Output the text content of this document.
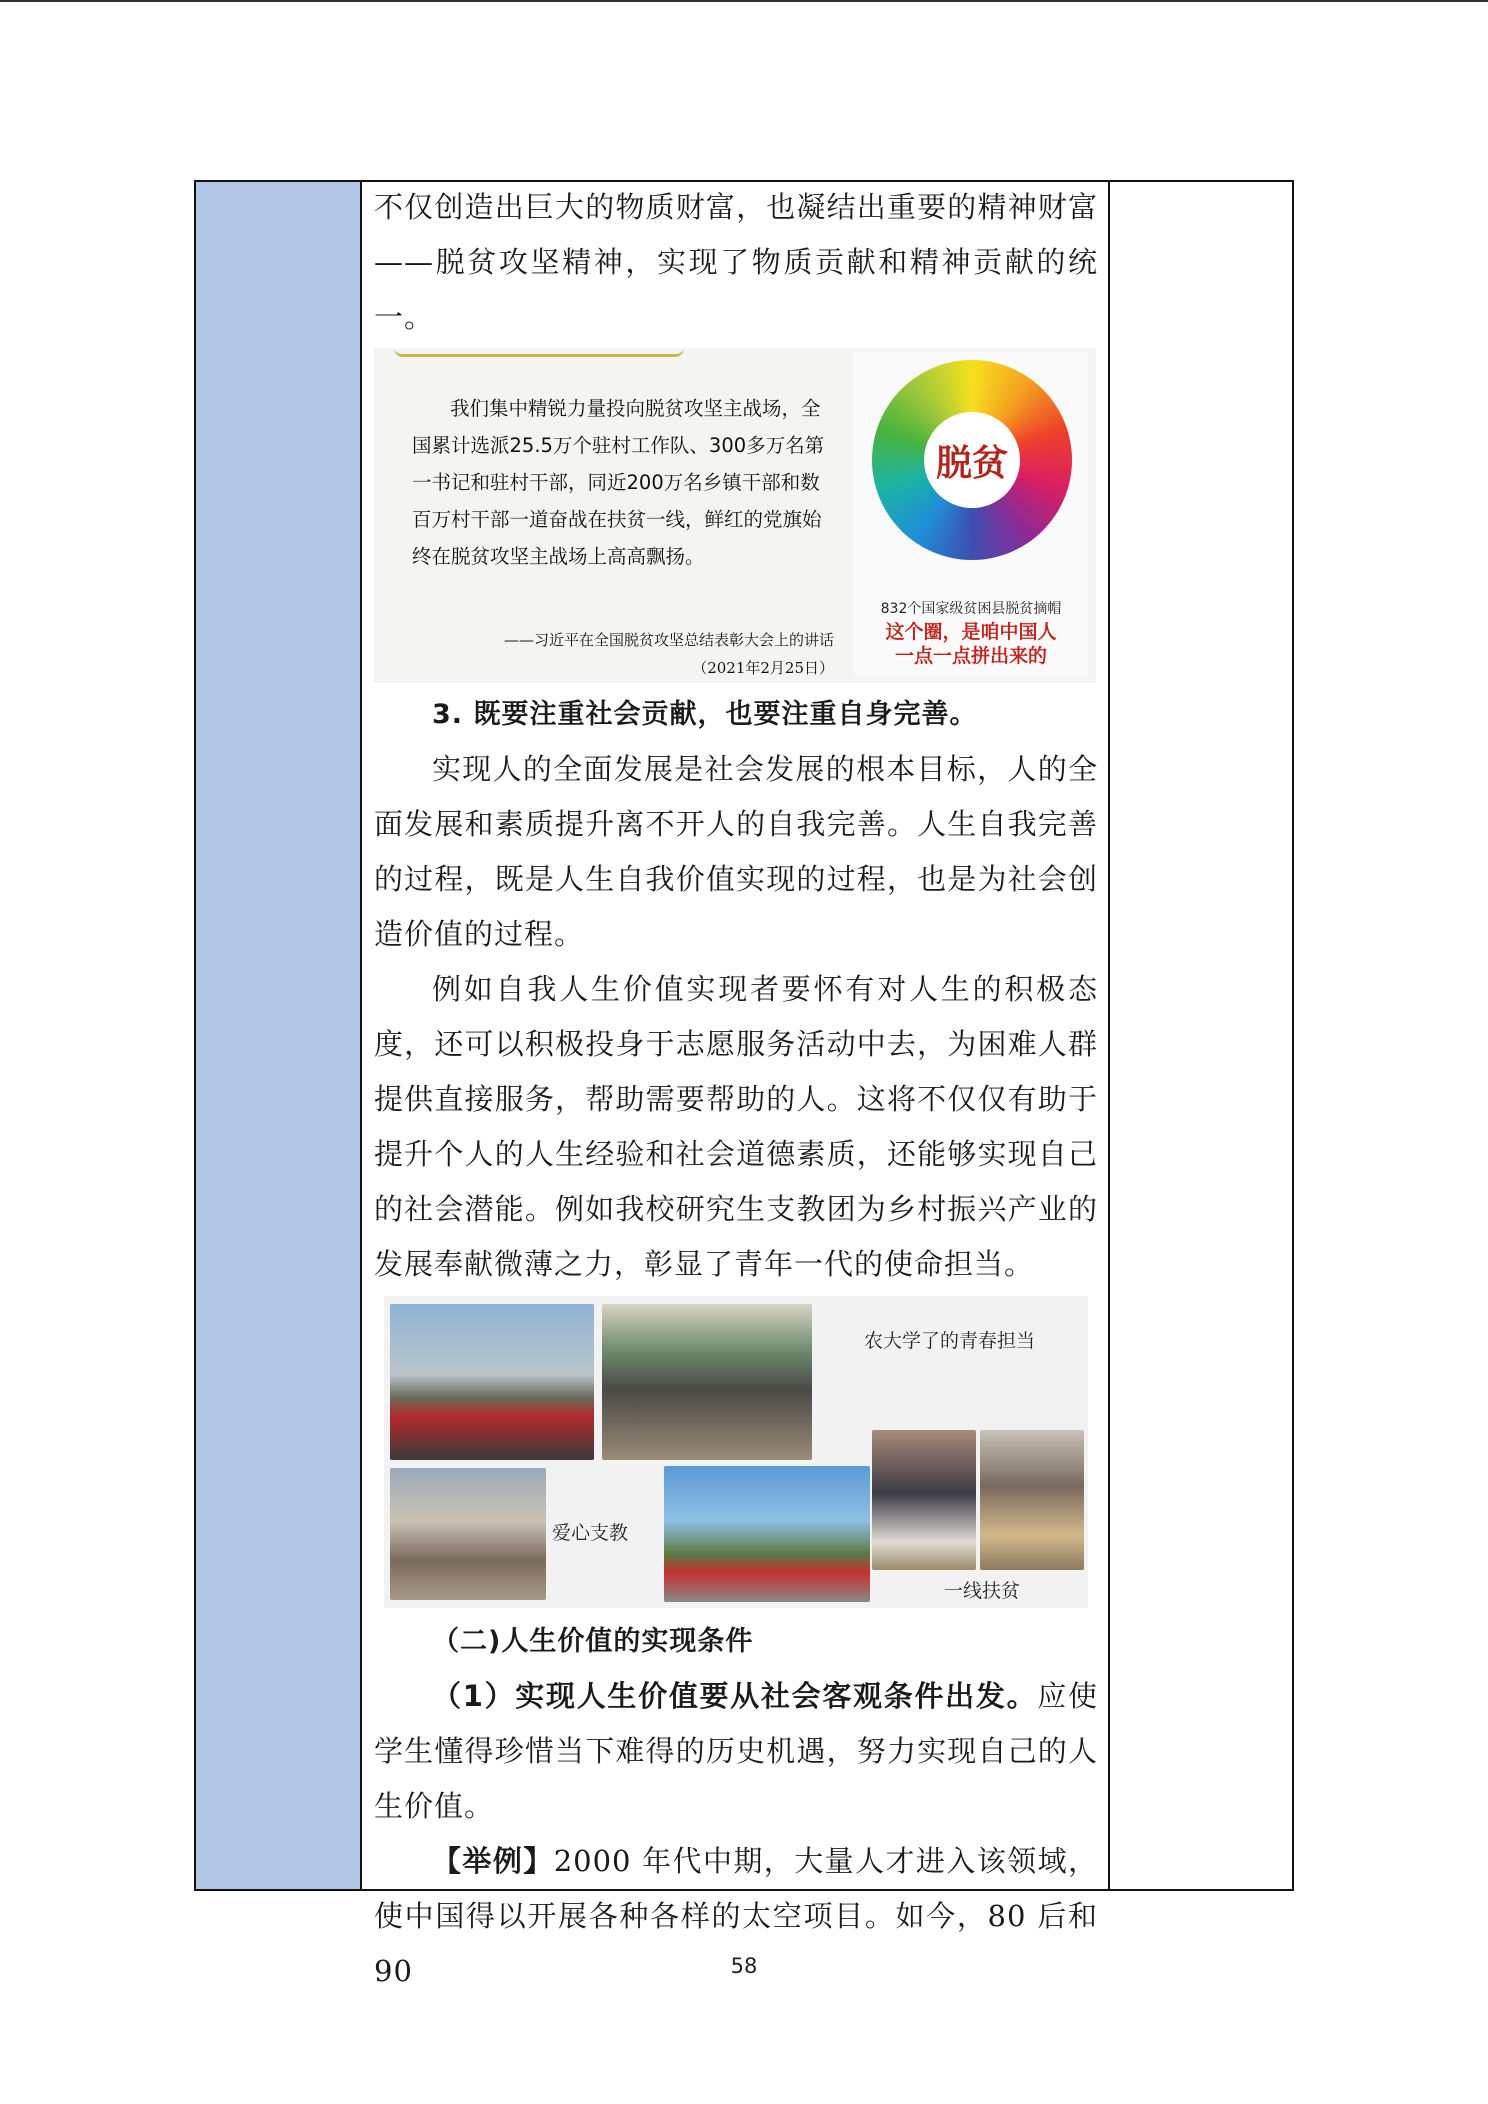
不仅创造出巨大的物质财富，也凝结出重要的精神财富——脱贫攻坚精神，实现了物质贡献和精神贡献的统一。

我们集中精锐力量投向脱贫攻坚主战场，全国累计选派25.5万个驻村工作队、300多万名第一书记和驻村干部，同近200万名乡镇干部和数百万村干部一道奋战在扶贫一线，鲜红的党旗始终在脱贫攻坚主战场上高高飘扬。
——习近平在全国脱贫攻坚总结表彰大会上的讲话
（2021年2月25日）
脱贫
832个国家级贫困县脱贫摘帽
这个圈，是咱中国人
一点一点拼出来的

3. 既要注重社会贡献，也要注重自身完善。

实现人的全面发展是社会发展的根本目标，人的全面发展和素质提升离不开人的自我完善。人生自我完善的过程，既是人生自我价值实现的过程，也是为社会创造价值的过程。

例如自我人生价值实现者要怀有对人生的积极态度，还可以积极投身于志愿服务活动中去，为困难人群提供直接服务，帮助需要帮助的人。这将不仅仅有助于提升个人的人生经验和社会道德素质，还能够实现自己的社会潜能。例如我校研究生支教团为乡村振兴产业的发展奉献微薄之力，彰显了青年一代的使命担当。

农大学了的青春担当
爱心支教
一线扶贫

（二)人生价值的实现条件

（1）实现人生价值要从社会客观条件出发。应使学生懂得珍惜当下难得的历史机遇，努力实现自己的人生价值。

【举例】2000 年代中期，大量人才进入该领域，使中国得以开展各种各样的太空项目。如今，80 后和 90	58
